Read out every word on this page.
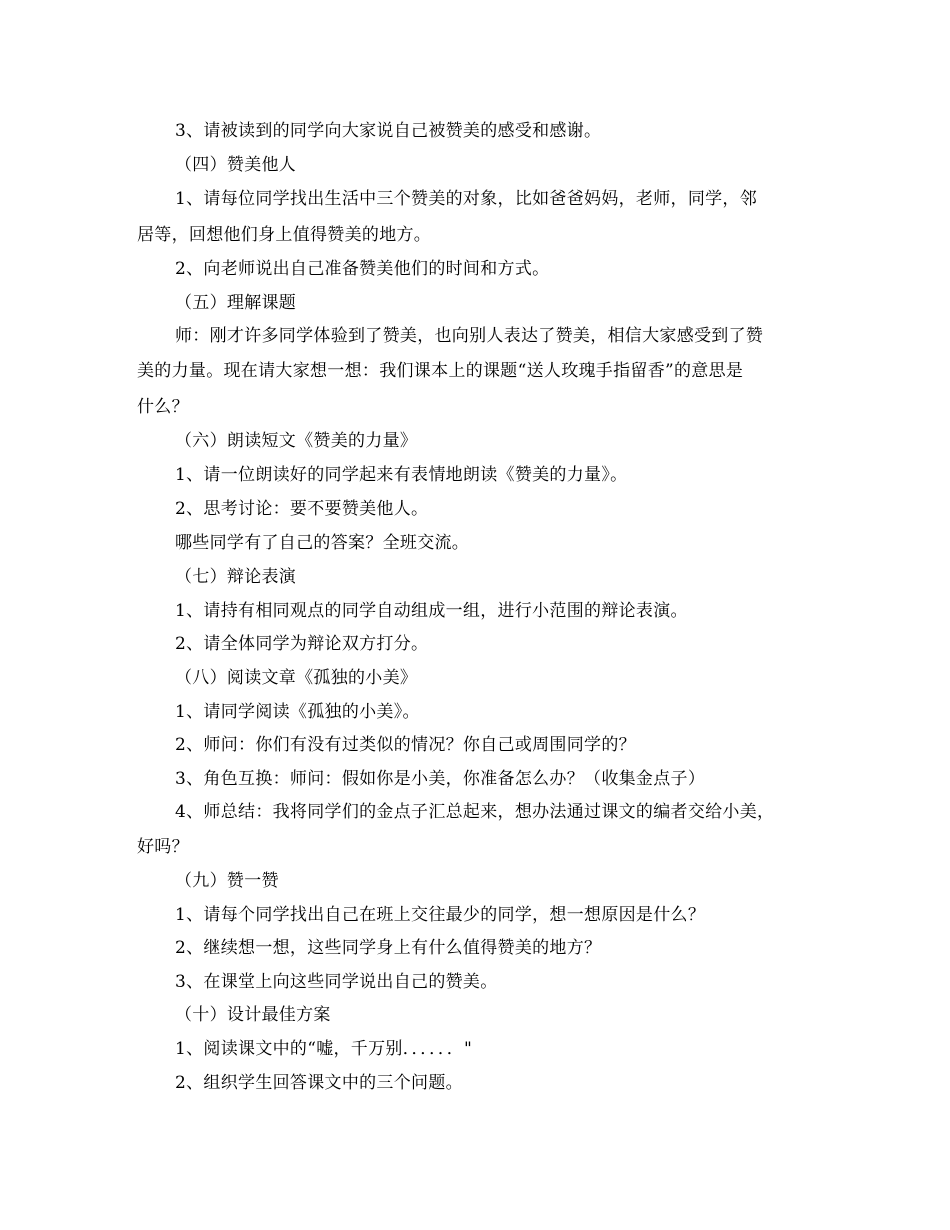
3、请被读到的同学向大家说自己被赞美的感受和感谢。

（四）赞美他人

1、请每位同学找出生活中三个赞美的对象，比如爸爸妈妈，老师，同学，邻

居等，回想他们身上值得赞美的地方。

2、向老师说出自己准备赞美他们的时间和方式。

（五）理解课题

师：刚才许多同学体验到了赞美，也向别人表达了赞美，相信大家感受到了赞

美的力量。现在请大家想一想：我们课本上的课题“送人玫瑰手指留香”的意思是

什么？

（六）朗读短文《赞美的力量》

1、请一位朗读好的同学起来有表情地朗读《赞美的力量》。

2、思考讨论：要不要赞美他人。

哪些同学有了自己的答案？全班交流。

（七）辩论表演

1、请持有相同观点的同学自动组成一组，进行小范围的辩论表演。

2、请全体同学为辩论双方打分。

（八）阅读文章《孤独的小美》

1、请同学阅读《孤独的小美》。

2、师问：你们有没有过类似的情况？你自己或周围同学的？

3、角色互换：师问：假如你是小美，你准备怎么办？（收集金点子）

4、师总结：我将同学们的金点子汇总起来，想办法通过课文的编者交给小美，

好吗？

（九）赞一赞

1、请每个同学找出自己在班上交往最少的同学，想一想原因是什么？

2、继续想一想，这些同学身上有什么值得赞美的地方？

3、在课堂上向这些同学说出自己的赞美。

（十）设计最佳方案

1、阅读课文中的“嘘，千万别．．．．．．"

2、组织学生回答课文中的三个问题。
